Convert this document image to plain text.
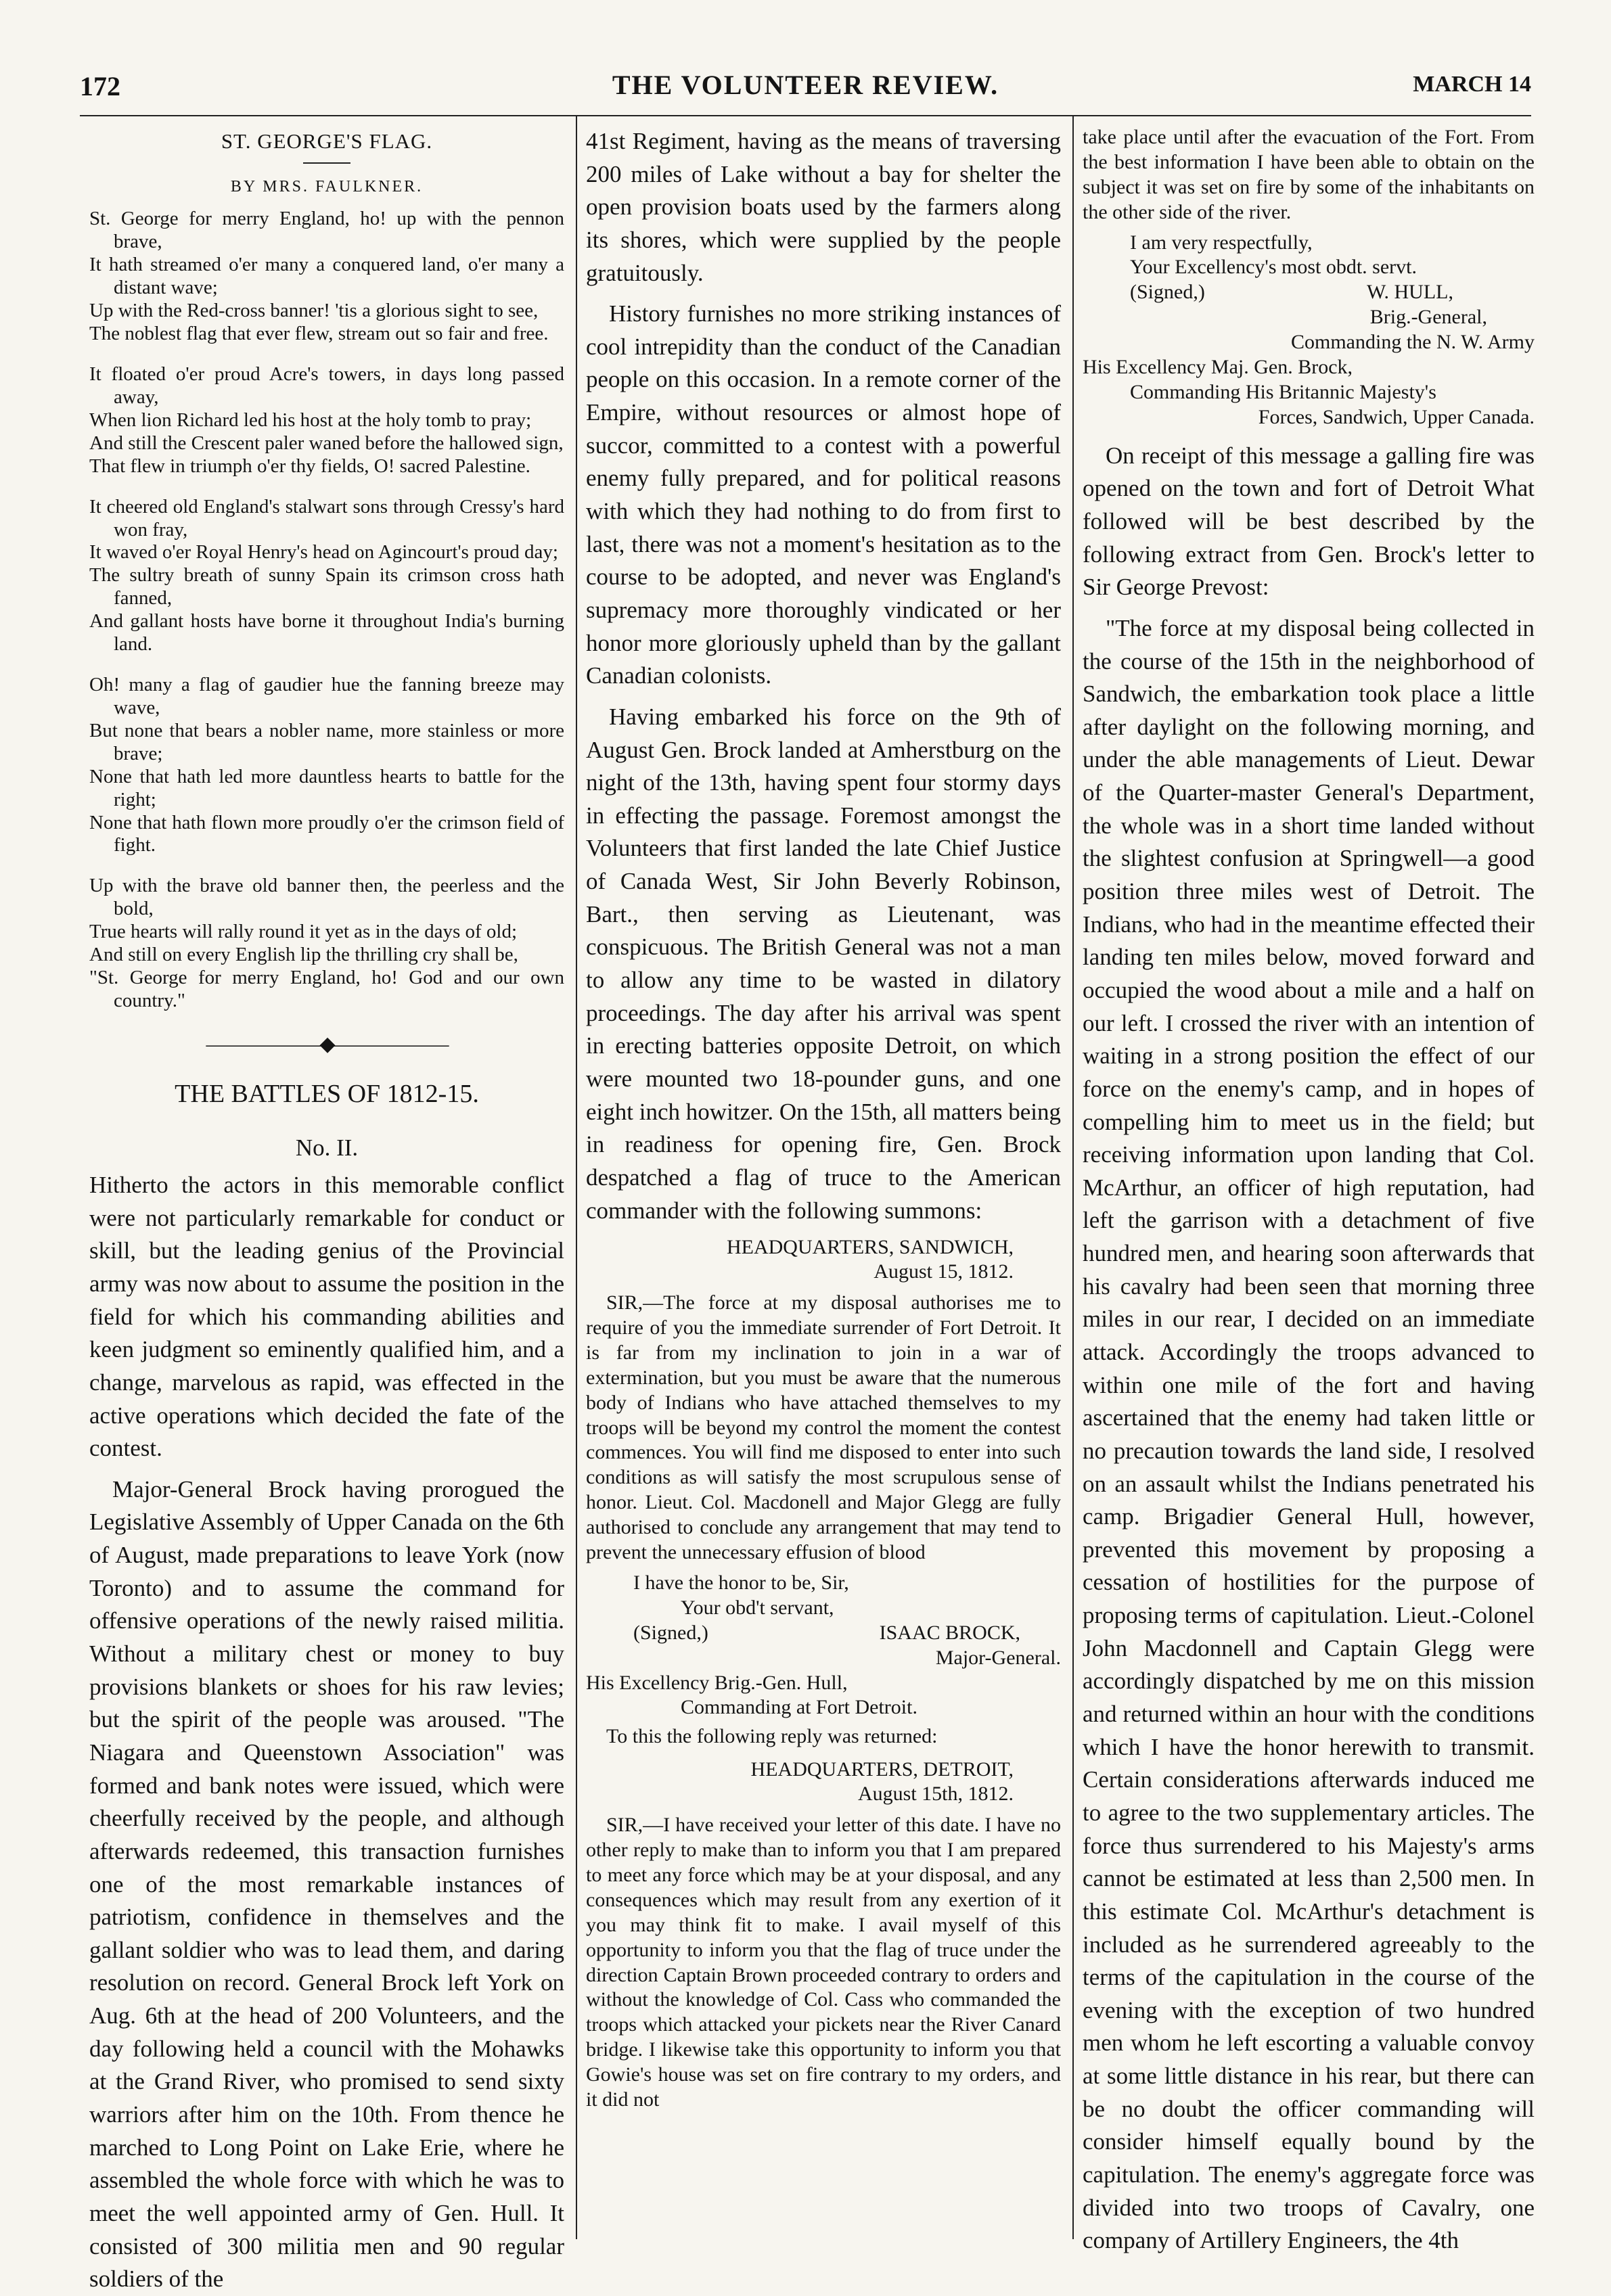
172	THE VOLUNTEER REVIEW.	MARCH 14
ST. GEORGE'S FLAG.
BY MRS. FAULKNER.
St. George for merry England, ho! up with the pennon brave,
It hath streamed o'er many a conquered land, o'er many a distant wave;
Up with the Red-cross banner! 'tis a glorious sight to see,
The noblest flag that ever flew, stream out so fair and free.
It floated o'er proud Acre's towers, in days long passed away,
When lion Richard led his host at the holy tomb to pray;
And still the Crescent paler waned before the hallowed sign,
That flew in triumph o'er thy fields, O! sacred Palestine.
It cheered old England's stalwart sons through Cressy's hard won fray,
It waved o'er Royal Henry's head on Agincourt's proud day;
The sultry breath of sunny Spain its crimson cross hath fanned,
And gallant hosts have borne it throughout India's burning land.
Oh! many a flag of gaudier hue the fanning breeze may wave,
But none that bears a nobler name, more stainless or more brave;
None that hath led more dauntless hearts to battle for the right;
None that hath flown more proudly o'er the crimson field of fight.
Up with the brave old banner then, the peerless and the bold,
True hearts will rally round it yet as in the days of old;
And still on every English lip the thrilling cry shall be,
"St. George for merry England, ho! God and our own country."
——————◆——————
THE BATTLES OF 1812-15.
No. II.

Hitherto the actors in this memorable conflict were not particularly remarkable for conduct or skill, but the leading genius of the Provincial army was now about to assume the position in the field for which his commanding abilities and keen judgment so eminently qualified him, and a change, marvelous as rapid, was effected in the active operations which decided the fate of the contest.

Major-General Brock having prorogued the Legislative Assembly of Upper Canada on the 6th of August, made preparations to leave York (now Toronto) and to assume the command for offensive operations of the newly raised militia. Without a military chest or money to buy provisions blankets or shoes for his raw levies; but the spirit of the people was aroused. "The Niagara and Queenstown Association" was formed and bank notes were issued, which were cheerfully received by the people, and although afterwards redeemed, this transaction furnishes one of the most remarkable instances of patriotism, confidence in themselves and the gallant soldier who was to lead them, and daring resolution on record. General Brock left York on Aug. 6th at the head of 200 Volunteers, and the day following held a council with the Mohawks at the Grand River, who promised to send sixty warriors after him on the 10th. From thence he marched to Long Point on Lake Erie, where he assembled the whole force with which he was to meet the well appointed army of Gen. Hull. It consisted of 300 militia men and 90 regular soldiers of the

41st Regiment, having as the means of traversing 200 miles of Lake without a bay for shelter the open provision boats used by the farmers along its shores, which were supplied by the people gratuitously.

History furnishes no more striking instances of cool intrepidity than the conduct of the Canadian people on this occasion. In a remote corner of the Empire, without resources or almost hope of succor, committed to a contest with a powerful enemy fully prepared, and for political reasons with which they had nothing to do from first to last, there was not a moment's hesitation as to the course to be adopted, and never was England's supremacy more thoroughly vindicated or her honor more gloriously upheld than by the gallant Canadian colonists.

Having embarked his force on the 9th of August Gen. Brock landed at Amherstburg on the night of the 13th, having spent four stormy days in effecting the passage. Foremost amongst the Volunteers that first landed the late Chief Justice of Canada West, Sir John Beverly Robinson, Bart., then serving as Lieutenant, was conspicuous. The British General was not a man to allow any time to be wasted in dilatory proceedings. The day after his arrival was spent in erecting batteries opposite Detroit, on which were mounted two 18-pounder guns, and one eight inch howitzer. On the 15th, all matters being in readiness for opening fire, Gen. Brock despatched a flag of truce to the American commander with the following summons:

HEADQUARTERS, SANDWICH,
August 15, 1812.

SIR,—The force at my disposal authorises me to require of you the immediate surrender of Fort Detroit. It is far from my inclination to join in a war of extermination, but you must be aware that the numerous body of Indians who have attached themselves to my troops will be beyond my control the moment the contest commences. You will find me disposed to enter into such conditions as will satisfy the most scrupulous sense of honor. Lieut. Col. Macdonell and Major Glegg are fully authorised to conclude any arrangement that may tend to prevent the unnecessary effusion of blood

I have the honor to be, Sir,
Your obd't servant,
(Signed,)	ISAAC BROCK,
Major-General.
His Excellency Brig.-Gen. Hull,
Commanding at Fort Detroit.

To this the following reply was returned:

HEADQUARTERS, DETROIT,
August 15th, 1812.

SIR,—I have received your letter of this date. I have no other reply to make than to inform you that I am prepared to meet any force which may be at your disposal, and any consequences which may result from any exertion of it you may think fit to make. I avail myself of this opportunity to inform you that the flag of truce under the direction Captain Brown proceeded contrary to orders and without the knowledge of Col. Cass who commanded the troops which attacked your pickets near the River Canard bridge. I likewise take this opportunity to inform you that Gowie's house was set on fire contrary to my orders, and it did not

take place until after the evacuation of the Fort. From the best information I have been able to obtain on the subject it was set on fire by some of the inhabitants on the other side of the river.

I am very respectfully,
Your Excellency's most obdt. servt.
(Signed,)	W. HULL,
Brig.-General,
Commanding the N. W. Army
His Excellency Maj. Gen. Brock,
Commanding His Britannic Majesty's
Forces, Sandwich, Upper Canada.

On receipt of this message a galling fire was opened on the town and fort of Detroit What followed will be best described by the following extract from Gen. Brock's letter to Sir George Prevost:

"The force at my disposal being collected in the course of the 15th in the neighborhood of Sandwich, the embarkation took place a little after daylight on the following morning, and under the able managements of Lieut. Dewar of the Quarter-master General's Department, the whole was in a short time landed without the slightest confusion at Springwell—a good position three miles west of Detroit. The Indians, who had in the meantime effected their landing ten miles below, moved forward and occupied the wood about a mile and a half on our left. I crossed the river with an intention of waiting in a strong position the effect of our force on the enemy's camp, and in hopes of compelling him to meet us in the field; but receiving information upon landing that Col. McArthur, an officer of high reputation, had left the garrison with a detachment of five hundred men, and hearing soon afterwards that his cavalry had been seen that morning three miles in our rear, I decided on an immediate attack. Accordingly the troops advanced to within one mile of the fort and having ascertained that the enemy had taken little or no precaution towards the land side, I resolved on an assault whilst the Indians penetrated his camp. Brigadier General Hull, however, prevented this movement by proposing a cessation of hostilities for the purpose of proposing terms of capitulation. Lieut.-Colonel John Macdonnell and Captain Glegg were accordingly dispatched by me on this mission and returned within an hour with the conditions which I have the honor herewith to transmit. Certain considerations afterwards induced me to agree to the two supplementary articles. The force thus surrendered to his Majesty's arms cannot be estimated at less than 2,500 men. In this estimate Col. McArthur's detachment is included as he surrendered agreeably to the terms of the capitulation in the course of the evening with the exception of two hundred men whom he left escorting a valuable convoy at some little distance in his rear, but there can be no doubt the officer commanding will consider himself equally bound by the capitulation. The enemy's aggregate force was divided into two troops of Cavalry, one company of Artillery Engineers, the 4th
